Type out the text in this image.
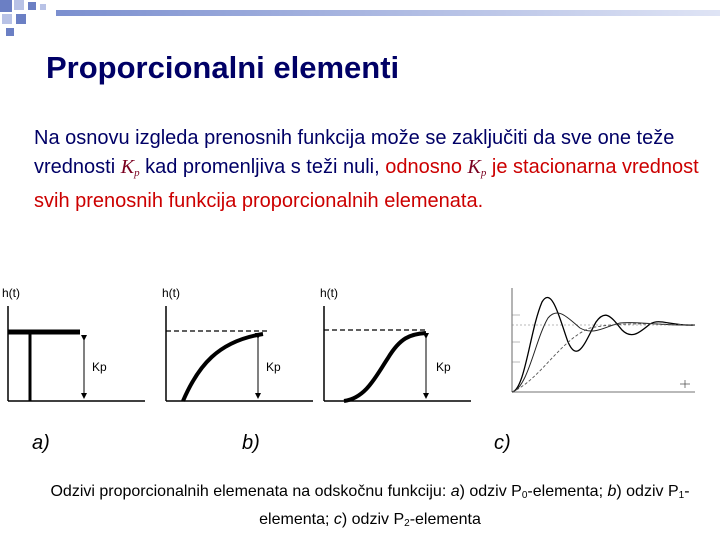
Proporcionalni elementi
Na osnovu izgleda prenosnih funkcija može se zaključiti da sve one teže vrednosti $K_p$ kad promenljiva s teži nuli, odnosno $K_p$ je stacionarna vrednost svih prenosnih funkcija proporcionalnih elemenata.
h(t)
Kp
h(t)
Kp
h(t)
Kp
a)	b)	c)
Odzivi proporcionalnih elemenata na odskočnu funkciju: a) odziv $P_0$-elementa; b) odziv $P_1$-elementa; c) odziv $P_2$-elementa
